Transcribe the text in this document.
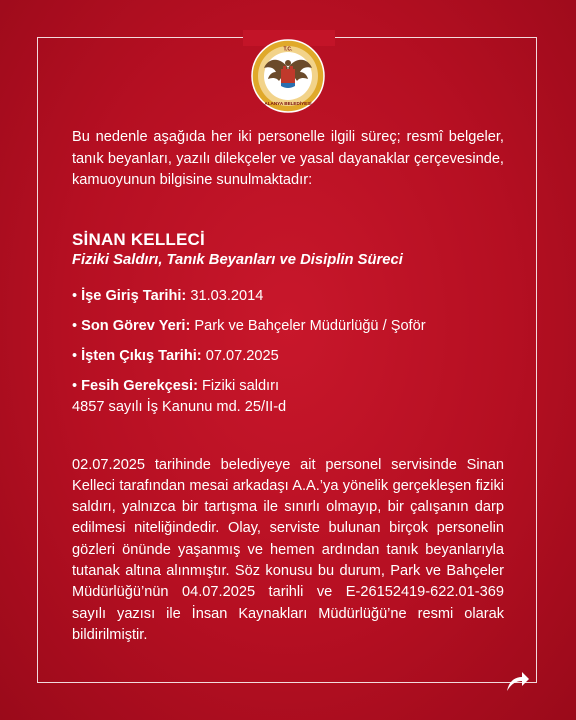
T.C.
ALANYA BELEDİYESİ

Bu nedenle aşağıda her iki personelle ilgili süreç; resmî belgeler, tanık beyanları, yazılı dilekçeler ve yasal dayanaklar çerçevesinde, kamuoyunun bilgisine sunulmaktadır:

SİNAN KELLECİ
Fiziki Saldırı, Tanık Beyanları ve Disiplin Süreci
• İşe Giriş Tarihi: 31.03.2014
• Son Görev Yeri: Park ve Bahçeler Müdürlüğü / Şoför
• İşten Çıkış Tarihi: 07.07.2025
• Fesih Gerekçesi: Fiziki saldırı
4857 sayılı İş Kanunu md. 25/II-d

02.07.2025 tarihinde belediyeye ait personel servisinde Sinan Kelleci tarafından mesai arkadaşı A.A.’ya yönelik gerçekleşen fiziki saldırı, yalnızca bir tartışma ile sınırlı olmayıp, bir çalışanın darp edilmesi niteliğindedir. Olay, serviste bulunan birçok personelin gözleri önünde yaşanmış ve hemen ardından tanık beyanlarıyla tutanak altına alınmıştır. Söz konusu bu durum, Park ve Bahçeler Müdürlüğü’nün 04.07.2025 tarihli ve E-26152419-622.01-369 sayılı yazısı ile İnsan Kaynakları Müdürlüğü’ne resmi olarak bildirilmiştir.
